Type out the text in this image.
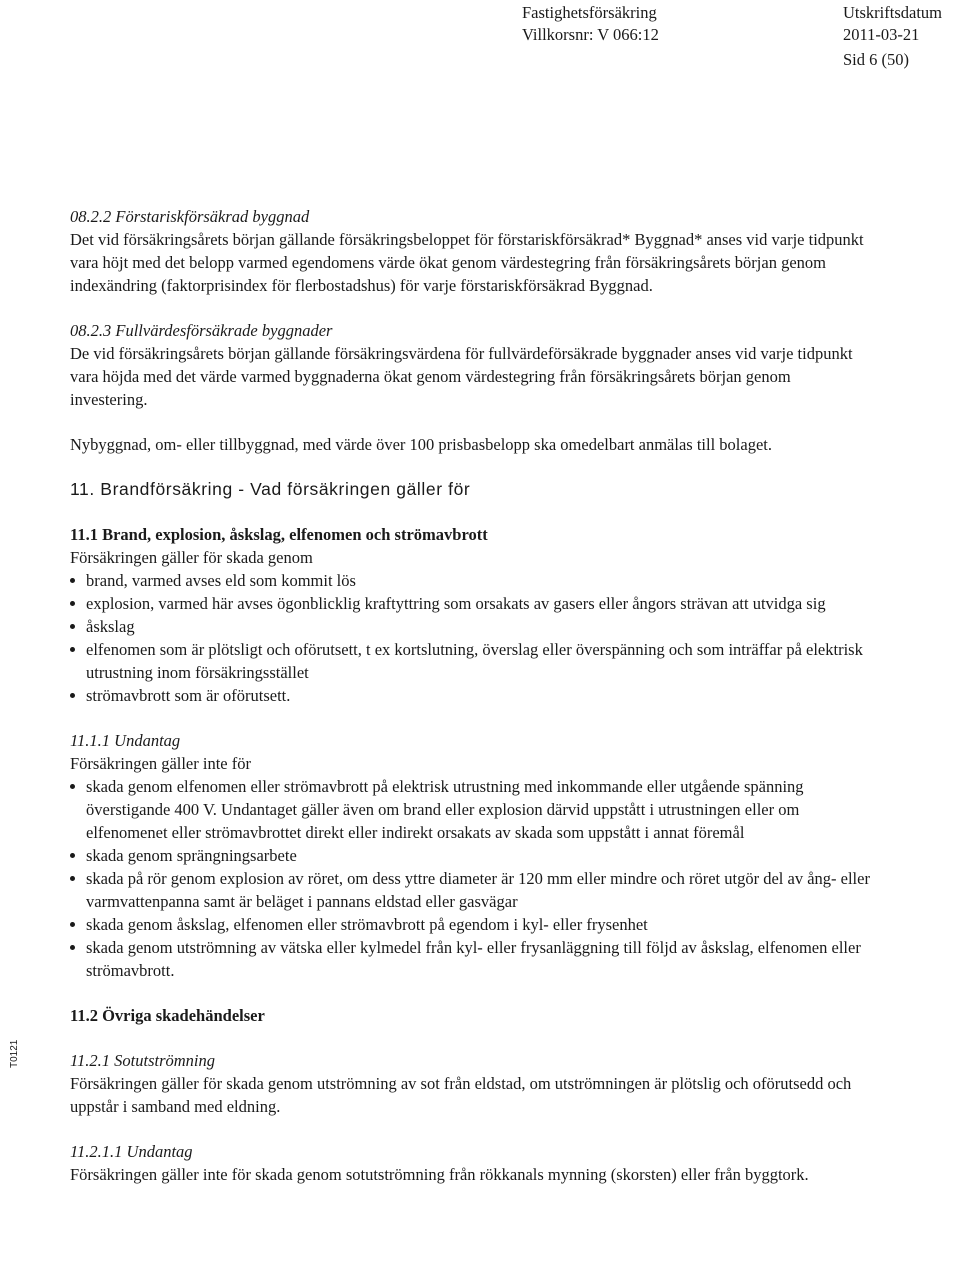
Fastighetsförsäkring
Villkorsnr: V 066:12
Utskriftsdatum
2011-03-21
Sid 6 (50)
T0121

08.2.2 Förstariskförsäkrad byggnad

Det vid försäkringsårets början gällande försäkringsbeloppet för förstariskförsäkrad* Byggnad* anses vid varje tidpunkt vara höjt med det belopp varmed egendomens värde ökat genom värdestegring från försäkringsårets början genom indexändring (faktorprisindex för flerbostadshus) för varje förstariskförsäkrad Byggnad.

08.2.3 Fullvärdesförsäkrade byggnader

De vid försäkringsårets början gällande försäkringsvärdena för fullvärdeförsäkrade byggnader anses vid varje tidpunkt vara höjda med det värde varmed byggnaderna ökat genom värdestegring från försäkringsårets början genom investering.

Nybyggnad, om- eller tillbyggnad, med värde över 100 prisbasbelopp ska omedelbart anmälas till bolaget.

11. Brandförsäkring - Vad försäkringen gäller för

11.1 Brand, explosion, åskslag, elfenomen och strömavbrott

Försäkringen gäller för skada genom

brand, varmed avses eld som kommit lös
explosion, varmed här avses ögonblicklig kraftyttring som orsakats av gasers eller ångors strävan att utvidga sig
åskslag
elfenomen som är plötsligt och oförutsett, t ex kortslutning, överslag eller överspänning och som inträffar på elektrisk utrustning inom försäkringsstället
strömavbrott som är oförutsett.

11.1.1 Undantag

Försäkringen gäller inte för

skada genom elfenomen eller strömavbrott på elektrisk utrustning med inkommande eller utgående spänning överstigande 400 V. Undantaget gäller även om brand eller explosion därvid uppstått i utrustningen eller om elfenomenet eller strömavbrottet direkt eller indirekt orsakats av skada som uppstått i annat föremål
skada genom sprängningsarbete
skada på rör genom explosion av röret, om dess yttre diameter är 120 mm eller mindre och röret utgör del av ång- eller varmvattenpanna samt är beläget i pannans eldstad eller gasvägar
skada genom åskslag, elfenomen eller strömavbrott på egendom i kyl- eller frysenhet
skada genom utströmning av vätska eller kylmedel från kyl- eller frysanläggning till följd av åskslag, elfenomen eller strömavbrott.

11.2 Övriga skadehändelser

11.2.1 Sotutströmning

Försäkringen gäller för skada genom utströmning av sot från eldstad, om utströmningen är plötslig och oförutsedd och uppstår i samband med eldning.

11.2.1.1 Undantag

Försäkringen gäller inte för skada genom sotutströmning från rökkanals mynning (skorsten) eller från byggtork.
